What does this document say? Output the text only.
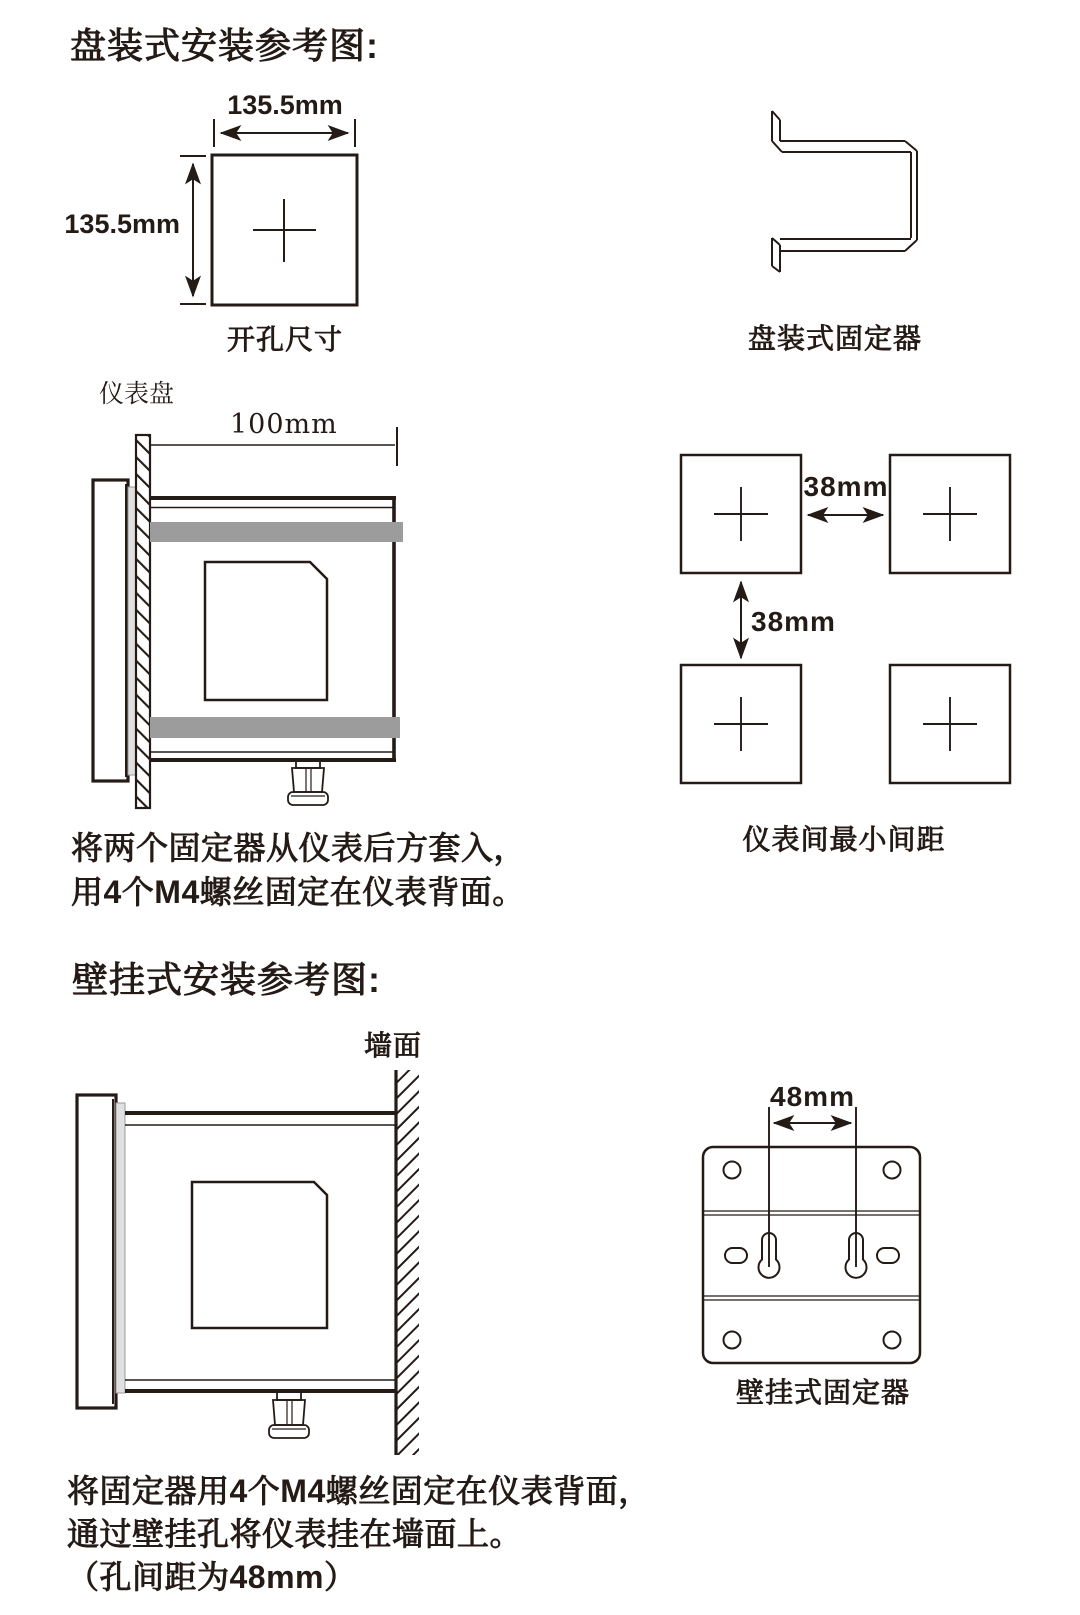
盘装式安装参考图:
135.5mm
135.5mm
开孔尺寸	盘装式固定器
仪表盘
100mm
38mm
38mm
仪表间最小间距
将两个固定器从仪表后方套入，
用4个M4螺丝固定在仪表背面。
壁挂式安装参考图:
墙面
48mm
壁挂式固定器
将固定器用4个M4螺丝固定在仪表背面，
通过壁挂孔将仪表挂在墙面上。
（孔间距为48mm）
